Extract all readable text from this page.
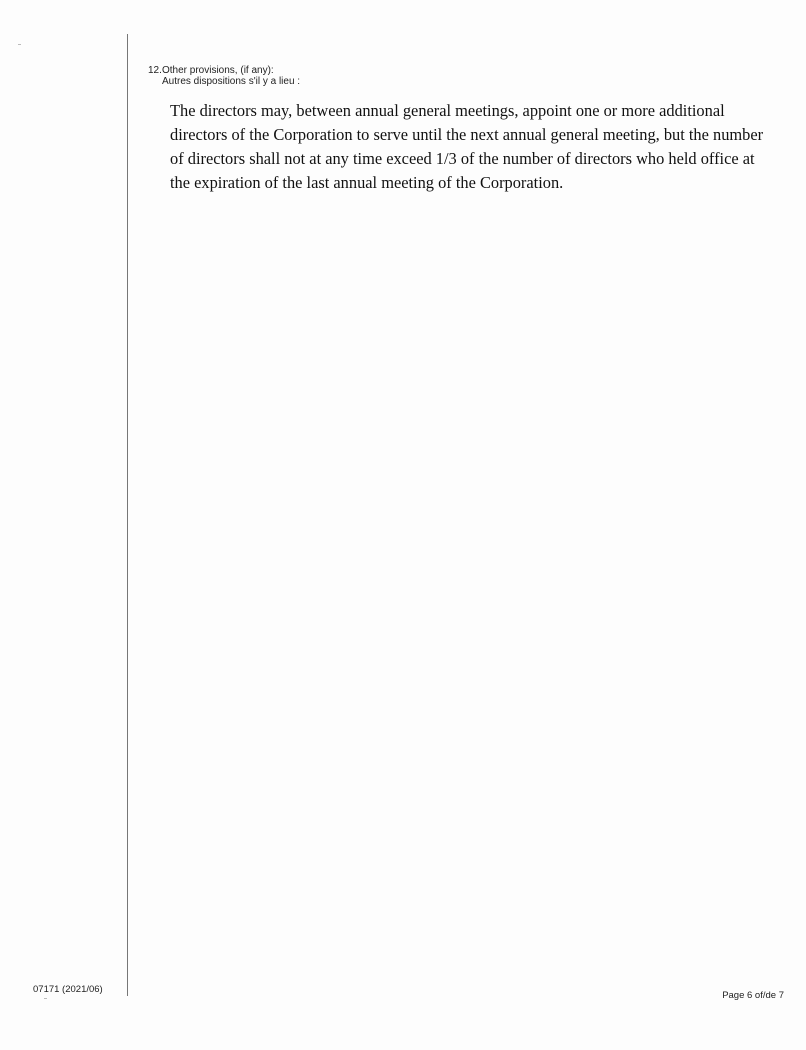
12.Other provisions, (if any):
Autres dispositions s'il y a lieu :
The directors may, between annual general meetings, appoint one or more additional directors of the Corporation to serve until the next annual general meeting, but the number of directors shall not at any time exceed 1/3 of the number of directors who held office at the expiration of the last annual meeting of the Corporation.
07171 (2021/06)
Page 6 of/de 7
